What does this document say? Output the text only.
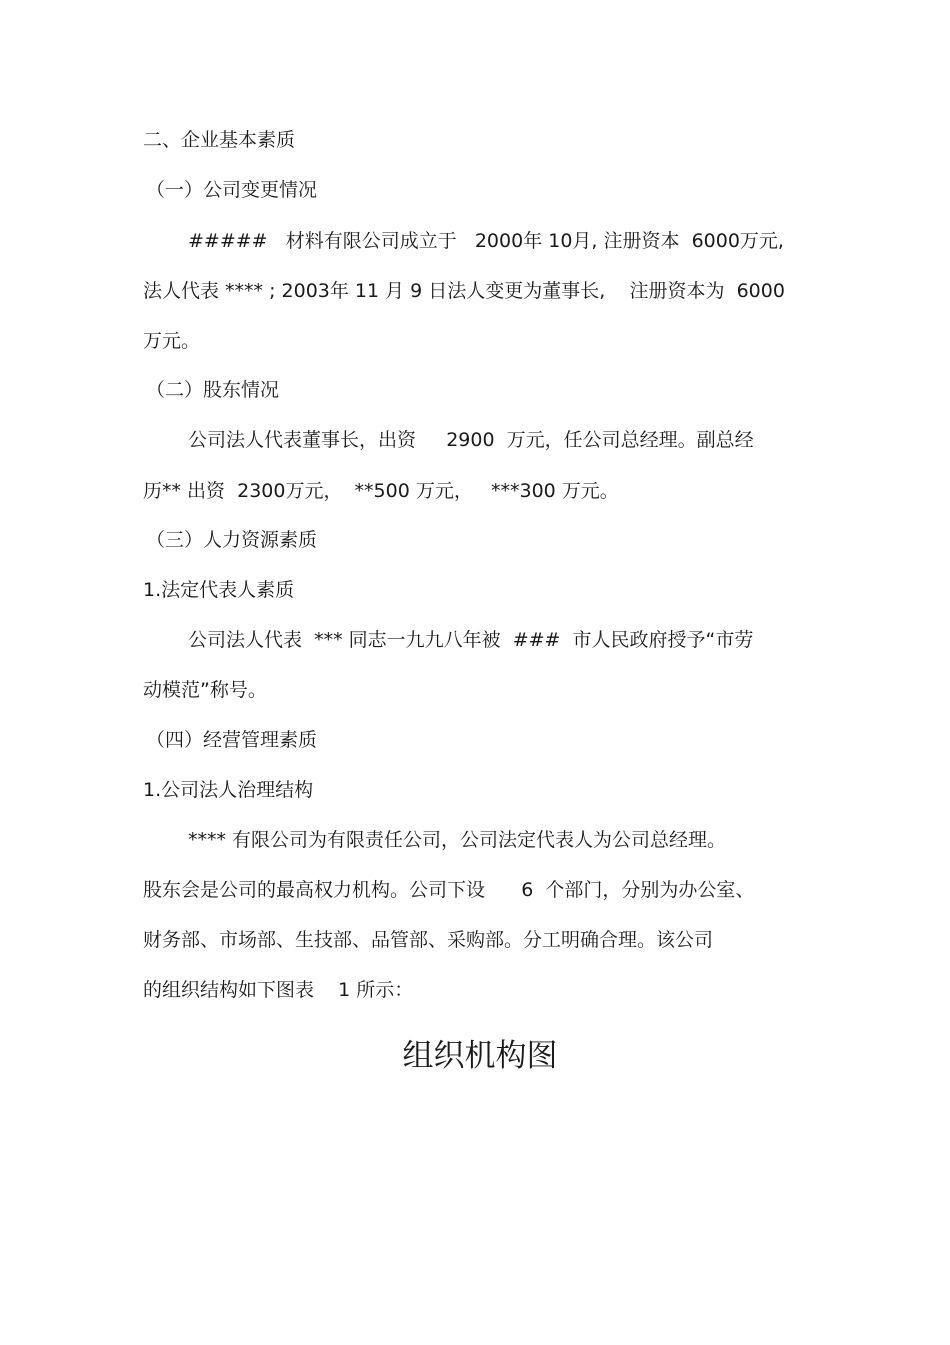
二、企业基本素质
（一）公司变更情况
#####   材料有限公司成立于   2000年 10月, 注册资本  6000万元,
法人代表 **** ; 2003年 11 月 9 日法人变更为董事长,    注册资本为  6000
万元。
（二）股东情况
公司法人代表董事长，出资     2900  万元，任公司总经理。副总经
历** 出资  2300万元，  **500 万元，   ***300 万元。
（三）人力资源素质
1.法定代表人素质
公司法人代表  *** 同志一九九八年被  ###  市人民政府授予“市劳
动模范”称号。
（四）经营管理素质
1.公司法人治理结构
**** 有限公司为有限责任公司，公司法定代表人为公司总经理。
股东会是公司的最高权力机构。公司下设      6  个部门，分别为办公室、
财务部、市场部、生技部、品管部、采购部。分工明确合理。该公司
的组织结构如下图表    1 所示：
组织机构图
